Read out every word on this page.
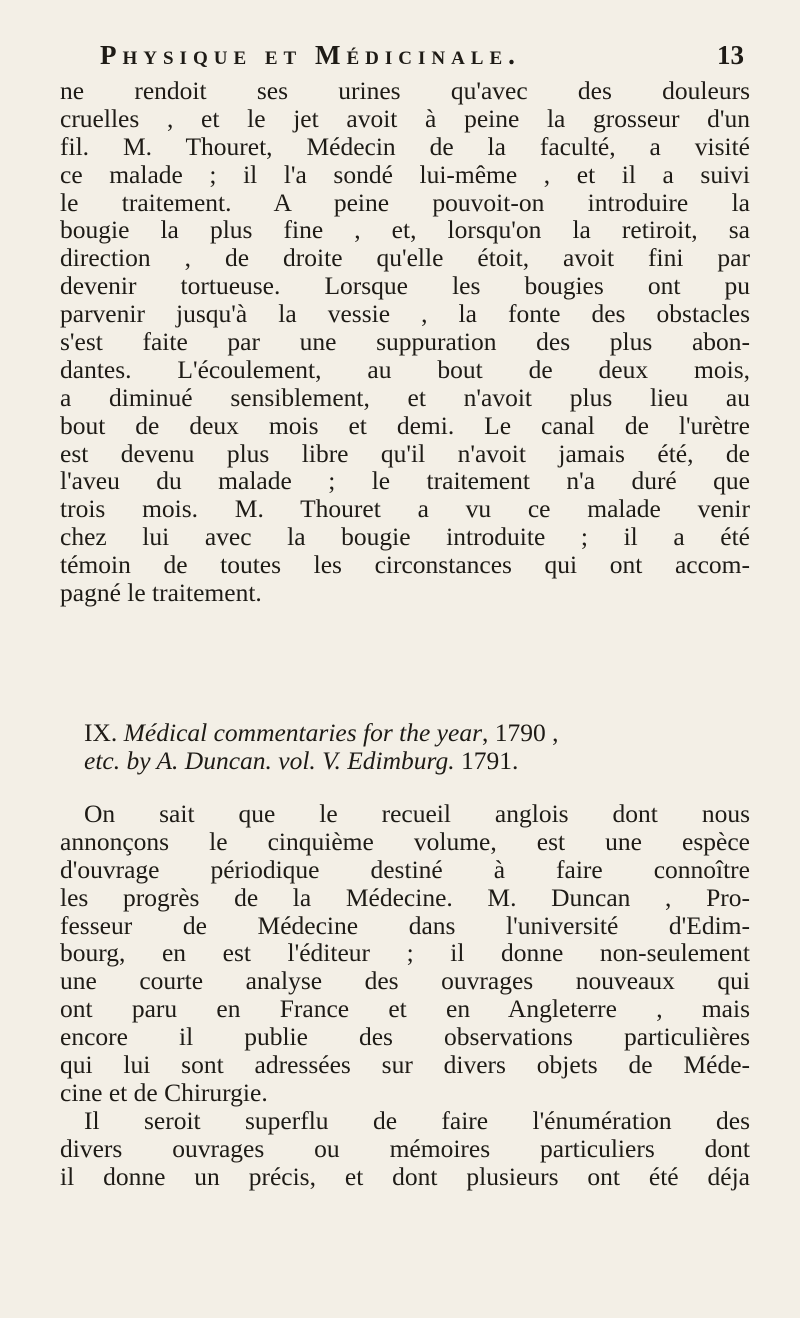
Physique et Médicinale.	13
ne rendoit ses urines qu'avec des douleurs
cruelles , et le jet avoit à peine la grosseur d'un
fil. M. Thouret, Médecin de la faculté, a visité
ce malade ; il l'a sondé lui-même , et il a suivi
le traitement. A peine pouvoit-on introduire la
bougie la plus fine , et, lorsqu'on la retiroit, sa
direction , de droite qu'elle étoit, avoit fini par
devenir tortueuse. Lorsque les bougies ont pu
parvenir jusqu'à la vessie , la fonte des obstacles
s'est faite par une suppuration des plus abon-
dantes. L'écoulement, au bout de deux mois,
a diminué sensiblement, et n'avoit plus lieu au
bout de deux mois et demi. Le canal de l'urètre
est devenu plus libre qu'il n'avoit jamais été, de
l'aveu du malade ; le traitement n'a duré que
trois mois. M. Thouret a vu ce malade venir
chez lui avec la bougie introduite ; il a été
témoin de toutes les circonstances qui ont accom-
pagné le traitement.
IX. Médical commentaries for the year, 1790 ,
etc. by A. Duncan. vol. V. Edimburg. 1791.
On sait que le recueil anglois dont nous
annonçons le cinquième volume, est une espèce
d'ouvrage périodique destiné à faire connoître
les progrès de la Médecine. M. Duncan , Pro-
fesseur de Médecine dans l'université d'Edim-
bourg, en est l'éditeur ; il donne non-seulement
une courte analyse des ouvrages nouveaux qui
ont paru en France et en Angleterre , mais
encore il publie des observations particulières
qui lui sont adressées sur divers objets de Méde-
cine et de Chirurgie.
Il seroit superflu de faire l'énumération des
divers ouvrages ou mémoires particuliers dont
il donne un précis, et dont plusieurs ont été déja
